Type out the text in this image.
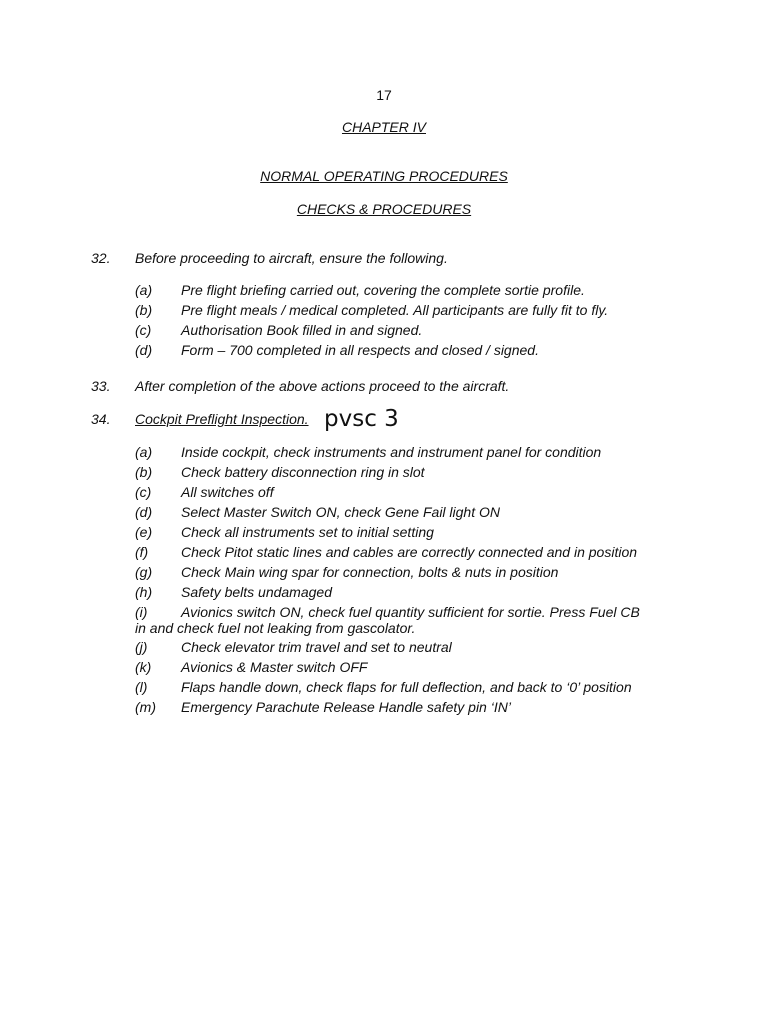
17
CHAPTER IV
NORMAL OPERATING PROCEDURES
CHECKS & PROCEDURES
32. Before proceeding to aircraft, ensure the following.
(a) Pre flight briefing carried out, covering the complete sortie profile.
(b) Pre flight meals / medical completed. All participants are fully fit to fly.
(c) Authorisation Book filled in and signed.
(d) Form – 700 completed in all respects and closed / signed.
33. After completion of the above actions proceed to the aircraft.
34. Cockpit Preflight Inspection. pvsc 3
(a) Inside cockpit, check instruments and instrument panel for condition
(b) Check battery disconnection ring in slot
(c) All switches off
(d) Select Master Switch ON, check Gene Fail light ON
(e) Check all instruments set to initial setting
(f) Check Pitot static lines and cables are correctly connected and in position
(g) Check Main wing spar for connection, bolts & nuts in position
(h) Safety belts undamaged
(i) Avionics switch ON, check fuel quantity sufficient for sortie. Press Fuel CB
in and check fuel not leaking from gascolator.
(j) Check elevator trim travel and set to neutral
(k) Avionics & Master switch OFF
(l) Flaps handle down, check flaps for full deflection, and back to ‘0’ position
(m) Emergency Parachute Release Handle safety pin ‘IN’
